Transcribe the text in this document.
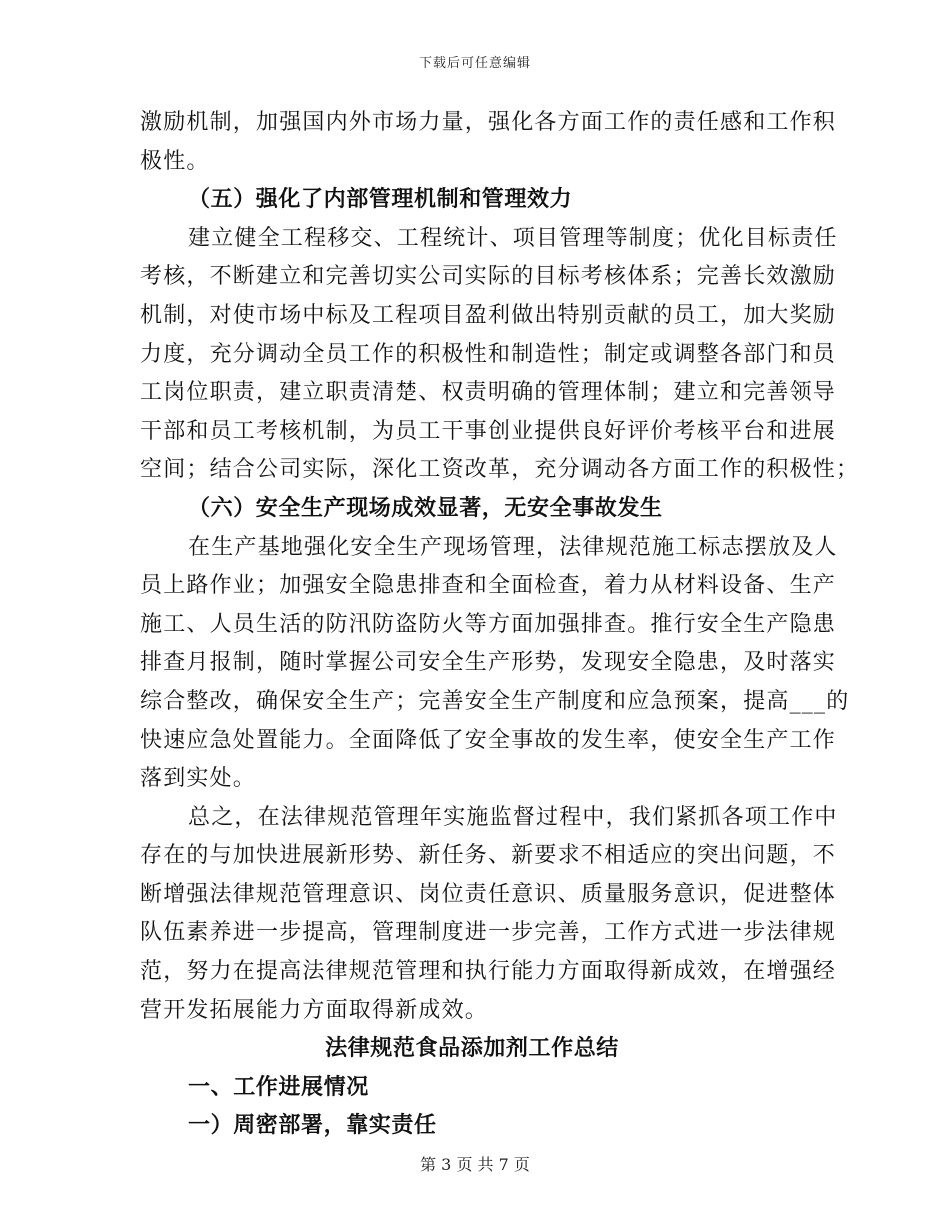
下载后可任意编辑
激励机制，加强国内外市场力量，强化各方面工作的责任感和工作积
极性。
（五）强化了内部管理机制和管理效力
建立健全工程移交、工程统计、项目管理等制度；优化目标责任
考核，不断建立和完善切实公司实际的目标考核体系；完善长效激励
机制，对使市场中标及工程项目盈利做出特别贡献的员工，加大奖励
力度，充分调动全员工作的积极性和制造性；制定或调整各部门和员
工岗位职责，建立职责清楚、权责明确的管理体制；建立和完善领导
干部和员工考核机制，为员工干事创业提供良好评价考核平台和进展
空间；结合公司实际，深化工资改革，充分调动各方面工作的积极性；
（六）安全生产现场成效显著，无安全事故发生
在生产基地强化安全生产现场管理，法律规范施工标志摆放及人
员上路作业；加强安全隐患排查和全面检查，着力从材料设备、生产
施工、人员生活的防汛防盗防火等方面加强排查。推行安全生产隐患
排查月报制，随时掌握公司安全生产形势，发现安全隐患，及时落实
综合整改，确保安全生产；完善安全生产制度和应急预案，提高___的
快速应急处置能力。全面降低了安全事故的发生率，使安全生产工作
落到实处。
总之，在法律规范管理年实施监督过程中，我们紧抓各项工作中
存在的与加快进展新形势、新任务、新要求不相适应的突出问题，不
断增强法律规范管理意识、岗位责任意识、质量服务意识，促进整体
队伍素养进一步提高，管理制度进一步完善，工作方式进一步法律规
范，努力在提高法律规范管理和执行能力方面取得新成效，在增强经
营开发拓展能力方面取得新成效。
法律规范食品添加剂工作总结
一、工作进展情况
一）周密部署，靠实责任
第 3 页 共 7 页
